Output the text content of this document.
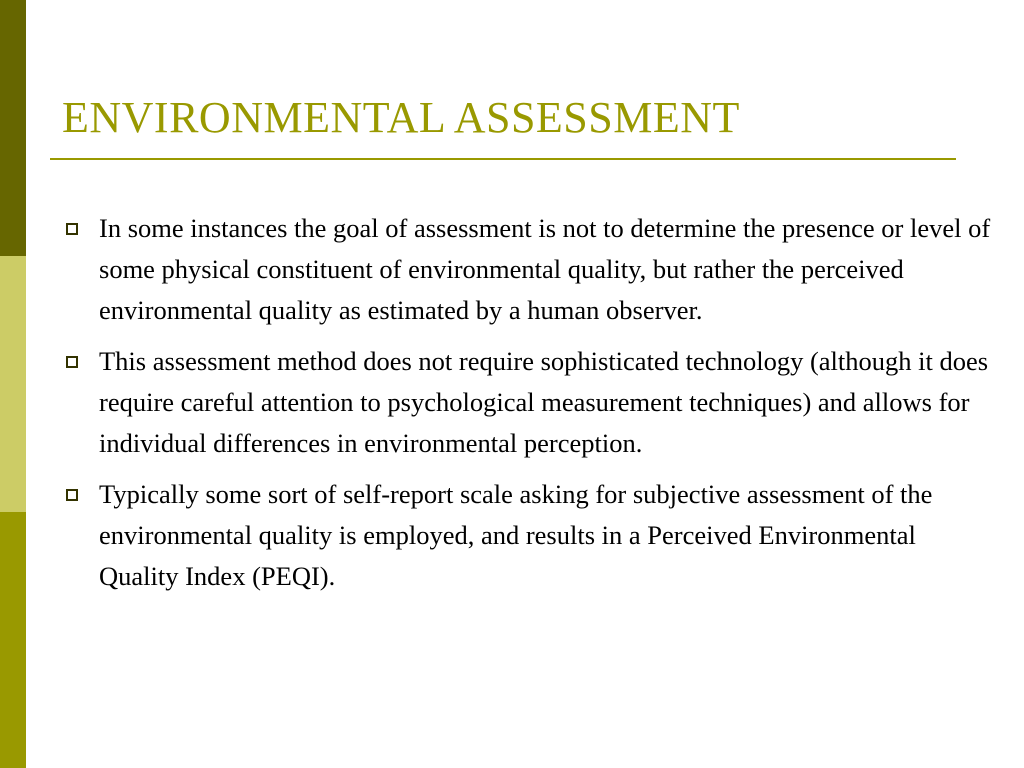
ENVIRONMENTAL ASSESSMENT
In some instances the goal of assessment is not to determine the presence or level of some physical constituent of environmental quality, but rather the perceived environmental quality as estimated by a human observer.
This assessment method does not require sophisticated technology (although it does require careful attention to psychological measurement techniques) and allows for individual differences in environmental perception.
Typically some sort of self-report scale asking for subjective assessment of the environmental quality is employed, and results in a Perceived Environmental Quality Index (PEQI).
